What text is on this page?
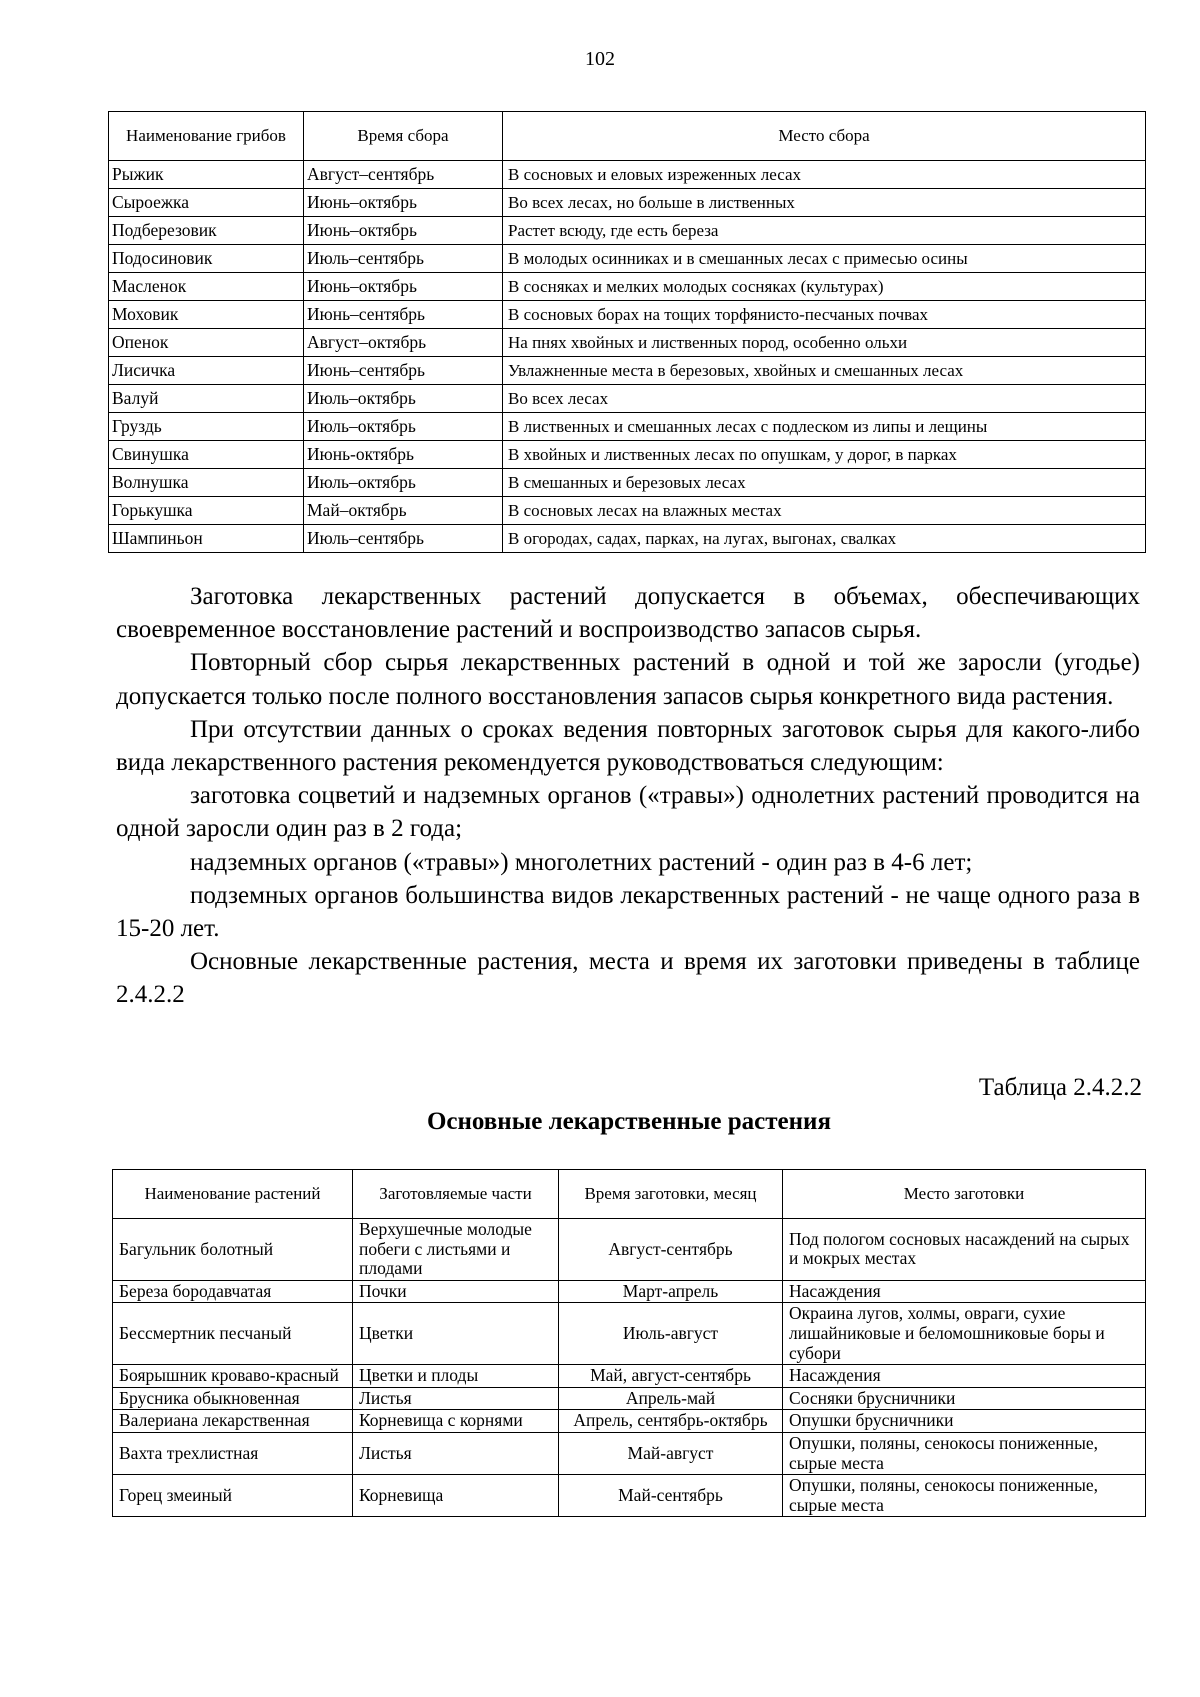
102
Наименование грибов	Время сбора	Место сбора
Рыжик	Август–сентябрь	В сосновых и еловых изреженных лесах
Сыроежка	Июнь–октябрь	Во всех лесах, но больше в лиственных
Подберезовик	Июнь–октябрь	Растет всюду, где есть береза
Подосиновик	Июль–сентябрь	В молодых осинниках и в смешанных лесах с примесью осины
Масленок	Июнь–октябрь	В сосняках и мелких молодых сосняках (культурах)
Моховик	Июнь–сентябрь	В сосновых борах на тощих торфянисто-песчаных почвах
Опенок	Август–октябрь	На пнях хвойных и лиственных пород, особенно ольхи
Лисичка	Июнь–сентябрь	Увлажненные места в березовых, хвойных и смешанных лесах
Валуй	Июль–октябрь	Во всех лесах
Груздь	Июль–октябрь	В лиственных и смешанных лесах с подлеском из липы и лещины
Свинушка	Июнь-октябрь	В хвойных и лиственных лесах по опушкам, у дорог, в парках
Волнушка	Июль–октябрь	В смешанных и березовых лесах
Горькушка	Май–октябрь	В сосновых лесах на влажных местах
Шампиньон	Июль–сентябрь	В огородах, садах, парках, на лугах, выгонах, свалках

Заготовка лекарственных растений допускается в объемах, обеспечивающих своевременное восстановление растений и воспроизводство запасов сырья.

Повторный сбор сырья лекарственных растений в одной и той же заросли (угодье) допускается только после полного восстановления запасов сырья конкретного вида растения.

При отсутствии данных о сроках ведения повторных заготовок сырья для какого-либо вида лекарственного растения рекомендуется руководствоваться следующим:

заготовка соцветий и надземных органов («травы») однолетних растений проводится на одной заросли один раз в 2 года;

надземных органов («травы») многолетних растений - один раз в 4-6 лет;

подземных органов большинства видов лекарственных растений - не чаще одного раза в 15-20 лет.

Основные лекарственные растения, места и время их заготовки приведены в таблице 2.4.2.2

Таблица 2.4.2.2
Основные лекарственные растения
Наименование растений	Заготовляемые части	Время заготовки, месяц	Место заготовки
Багульник болотный	Верхушечные молодые побеги с листьями и плодами	Август-сентябрь	Под пологом сосновых насаждений на сырых и мокрых местах
Береза бородавчатая	Почки	Март-апрель	Насаждения
Бессмертник песчаный	Цветки	Июль-август	Окраина лугов, холмы, овраги, сухие лишайниковые и беломошниковые боры и субори
Боярышник кроваво-красный	Цветки и плоды	Май, август-сентябрь	Насаждения
Брусника обыкновенная	Листья	Апрель-май	Сосняки брусничники
Валериана лекарственная	Корневища с корнями	Апрель, сентябрь-октябрь	Опушки брусничники
Вахта трехлистная	Листья	Май-август	Опушки, поляны, сенокосы пониженные, сырые места
Горец змеиный	Корневища	Май-сентябрь	Опушки, поляны, сенокосы пониженные, сырые места
